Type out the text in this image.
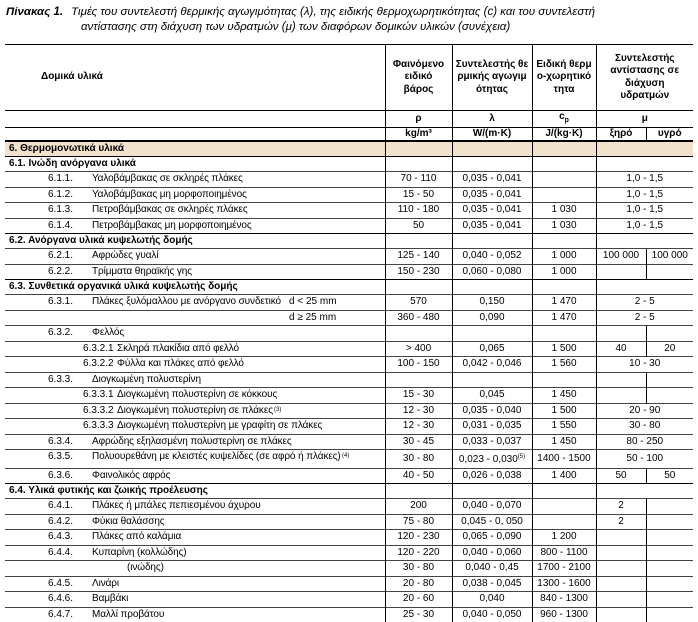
Πίνακας 1. Τιμές του συντελεστή θερμικής αγωγιμότητας (λ), της ειδικής θερμοχωρητικότητας (c) και του συντελεστή
αντίστασης στη διάχυση των υδρατμών (μ) των διαφόρων δομικών υλικών (συνέχεια)
Δομικά υλικά	Φαινόμενο ειδικό βάρος	Συντελεστής θερμικής αγωγιμότητας	Ειδική θερμο-χωρητικότητα	Συντελεστής αντίστασης σε διάχυση υδρατμών	
	ρ	λ	$c_p$	μ	
	kg/m³	W/(m·K)	J/(kg·K)	ξηρό	υγρό
6. Θερμομονωτικά υλικά					
6.1. Ινώδη ανόργανα υλικά					

6.1.1. Υαλοβάμβακας σε σκληρές πλάκες	70 - 110	0,035 - 0,041		1,0 - 1,5	

6.1.2. Υαλοβάμβακας μη μορφοποιημένος	15 - 50	0,035 - 0,041		1,0 - 1,5	

6.1.3. Πετροβάμβακας σε σκληρές πλάκες	110 - 180	0,035 - 0,041	1 030	1,0 - 1,5	

6.1.4. Πετροβάμβακας μη μορφοποιημένος	50	0,035 - 0,041	1 030	1,0 - 1,5	
6.2. Ανόργανα υλικά κυψελωτής δομής					

6.2.1. Αφρώδες γυαλί	125 - 140	0,040 - 0,052	1 000	100 000	100 000

6.2.2. Τρίμματα θηραϊκής γης	150 - 230	0,060 - 0,080	1 000		
6.3. Συνθετικά οργανικά υλικά κυψελωτής δομής					

6.3.1. Πλάκες ξυλόμαλλου με ανόργανο συνδετικό d < 25 mm	570	0,150	1 470	2 - 5	

d ≥ 25 mm	360 - 480	0,090	1 470	2 - 5	

6.3.2. Φελλός					

6.3.2.1 Σκληρά πλακίδια από φελλό	> 400	0,065	1 500	40	20

6.3.2.2 Φύλλα και πλάκες από φελλό	100 - 150	0,042 - 0,046	1 560	10 - 30	

6.3.3. Διογκωμένη πολυστερίνη					

6.3.3.1 Διογκωμένη πολυστερίνη σε κόκκους	15 - 30	0,045	1 450		

6.3.3.2 Διογκωμένη πολυστερίνη σε πλάκες (3)	12 - 30	0,035 - 0,040	1 500	20 - 90	

6.3.3.3 Διογκωμένη πολυστερίνη με γραφίτη σε πλάκες	12 - 30	0,031 - 0,035	1 550	30 - 80	

6.3.4. Αφρώδης εξηλασμένη πολυστερίνη σε πλάκες	30 - 45	0,033 - 0,037	1 450	80 - 250	

6.3.5. Πολυουρεθάνη με κλειστές κυψελίδες (σε αφρό ή πλάκες) (4)	30 - 80	0,023 - 0,030$^{(5)}$	1400 - 1500	50 - 100	

6.3.6. Φαινολικός αφρός	40 - 50	0,026 - 0,038	1 400	50	50
6.4. Υλικά φυτικής και ζωικής προέλευσης					

6.4.1. Πλάκες ή μπάλες πεπιεσμένου άχυρου	200	0,040 - 0,070		2	

6.4.2. Φύκια θαλάσσης	75 - 80	0,045 - 0, 050		2	

6.4.3. Πλάκες από καλάμια	120 - 230	0,065 - 0,090	1 200		

6.4.4. Κυπαρίνη (κολλώδης)	120 - 220	0,040 - 0,060	800 - 1100		

(ινώδης)	30 - 80	0,040 - 0,45	1700 - 2100		

6.4.5. Λινάρι	20 - 80	0,038 - 0,045	1300 - 1600		

6.4.6. Βαμβάκι	20 - 60	0,040	840 - 1300		

6.4.7. Μαλλί προβάτου	25 - 30	0,040 - 0,050	960 - 1300		
